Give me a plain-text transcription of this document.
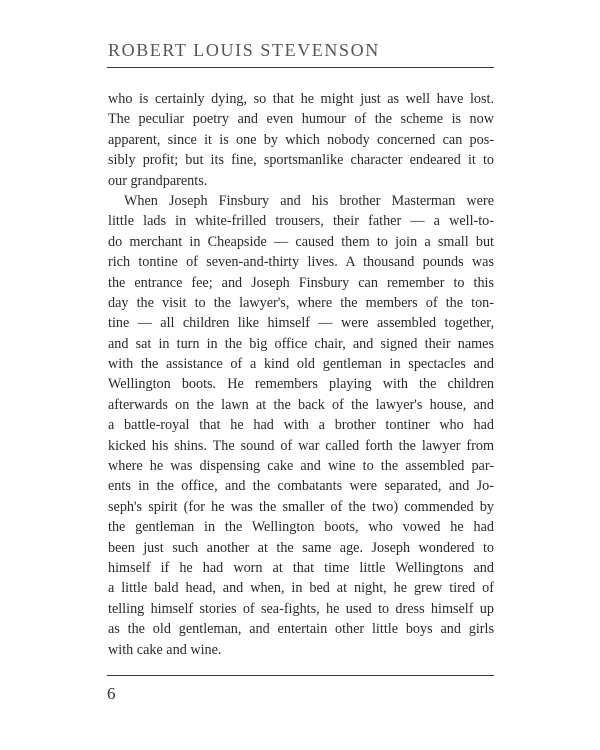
ROBERT LOUIS STEVENSON
who is certainly dying, so that he might just as well have lost.
The peculiar poetry and even humour of the scheme is now
apparent, since it is one by which nobody concerned can pos-
sibly profit; but its fine, sportsmanlike character endeared it to
our grandparents.
When Joseph Finsbury and his brother Masterman were
little lads in white-frilled trousers, their father — a well-to-
do merchant in Cheapside — caused them to join a small but
rich tontine of seven-and-thirty lives. A thousand pounds was
the entrance fee; and Joseph Finsbury can remember to this
day the visit to the lawyer's, where the members of the ton-
tine — all children like himself — were assembled together,
and sat in turn in the big office chair, and signed their names
with the assistance of a kind old gentleman in spectacles and
Wellington boots. He remembers playing with the children
afterwards on the lawn at the back of the lawyer's house, and
a battle-royal that he had with a brother tontiner who had
kicked his shins. The sound of war called forth the lawyer from
where he was dispensing cake and wine to the assembled par-
ents in the office, and the combatants were separated, and Jo-
seph's spirit (for he was the smaller of the two) commended by
the gentleman in the Wellington boots, who vowed he had
been just such another at the same age. Joseph wondered to
himself if he had worn at that time little Wellingtons and
a little bald head, and when, in bed at night, he grew tired of
telling himself stories of sea-fights, he used to dress himself up
as the old gentleman, and entertain other little boys and girls
with cake and wine.
6
